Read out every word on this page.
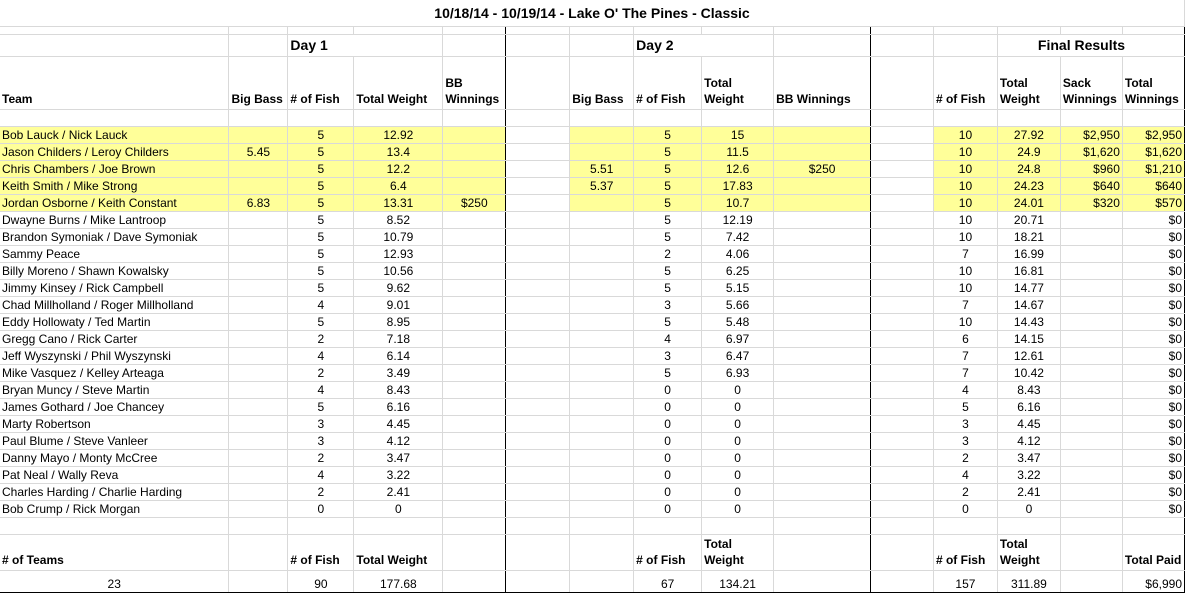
10/18/14 - 10/19/14 - Lake O' The Pines - Classic														

		Day 1					Day 2					Final Results		
Team	Big Bass	# of Fish	Total Weight	BB Winnings		Big Bass	# of Fish	Total Weight	BB Winnings		# of Fish	Total Weight	Sack Winnings	Total Winnings

Bob Lauck / Nick Lauck		5	12.92				5	15			10	27.92	$2,950	$2,950
Jason Childers / Leroy Childers	5.45	5	13.4				5	11.5			10	24.9	$1,620	$1,620
Chris Chambers / Joe Brown		5	12.2			5.51	5	12.6	$250		10	24.8	$960	$1,210
Keith Smith / Mike Strong		5	6.4			5.37	5	17.83			10	24.23	$640	$640
Jordan Osborne / Keith Constant	6.83	5	13.31	$250			5	10.7			10	24.01	$320	$570
Dwayne Burns / Mike Lantroop		5	8.52				5	12.19			10	20.71		$0
Brandon Symoniak / Dave Symoniak		5	10.79				5	7.42			10	18.21		$0
Sammy Peace		5	12.93				2	4.06			7	16.99		$0
Billy Moreno / Shawn Kowalsky		5	10.56				5	6.25			10	16.81		$0
Jimmy Kinsey / Rick Campbell		5	9.62				5	5.15			10	14.77		$0
Chad Millholland / Roger Millholland		4	9.01				3	5.66			7	14.67		$0
Eddy Hollowaty / Ted Martin		5	8.95				5	5.48			10	14.43		$0
Gregg Cano / Rick Carter		2	7.18				4	6.97			6	14.15		$0
Jeff Wyszynski / Phil Wyszynski		4	6.14				3	6.47			7	12.61		$0
Mike Vasquez / Kelley Arteaga		2	3.49				5	6.93			7	10.42		$0
Bryan Muncy / Steve Martin		4	8.43				0	0			4	8.43		$0
James Gothard / Joe Chancey		5	6.16				0	0			5	6.16		$0
Marty Robertson		3	4.45				0	0			3	4.45		$0
Paul Blume / Steve Vanleer		3	4.12				0	0			3	4.12		$0
Danny Mayo / Monty McCree		2	3.47				0	0			2	3.47		$0
Pat Neal / Wally Reva		4	3.22				0	0			4	3.22		$0
Charles Harding / Charlie Harding		2	2.41				0	0			2	2.41		$0
Bob Crump / Rick Morgan		0	0				0	0			0	0		$0

# of Teams		# of Fish	Total Weight				# of Fish	Total Weight			# of Fish	Total Weight		Total Paid
23		90	177.68				67	134.21			157	311.89		$6,990
